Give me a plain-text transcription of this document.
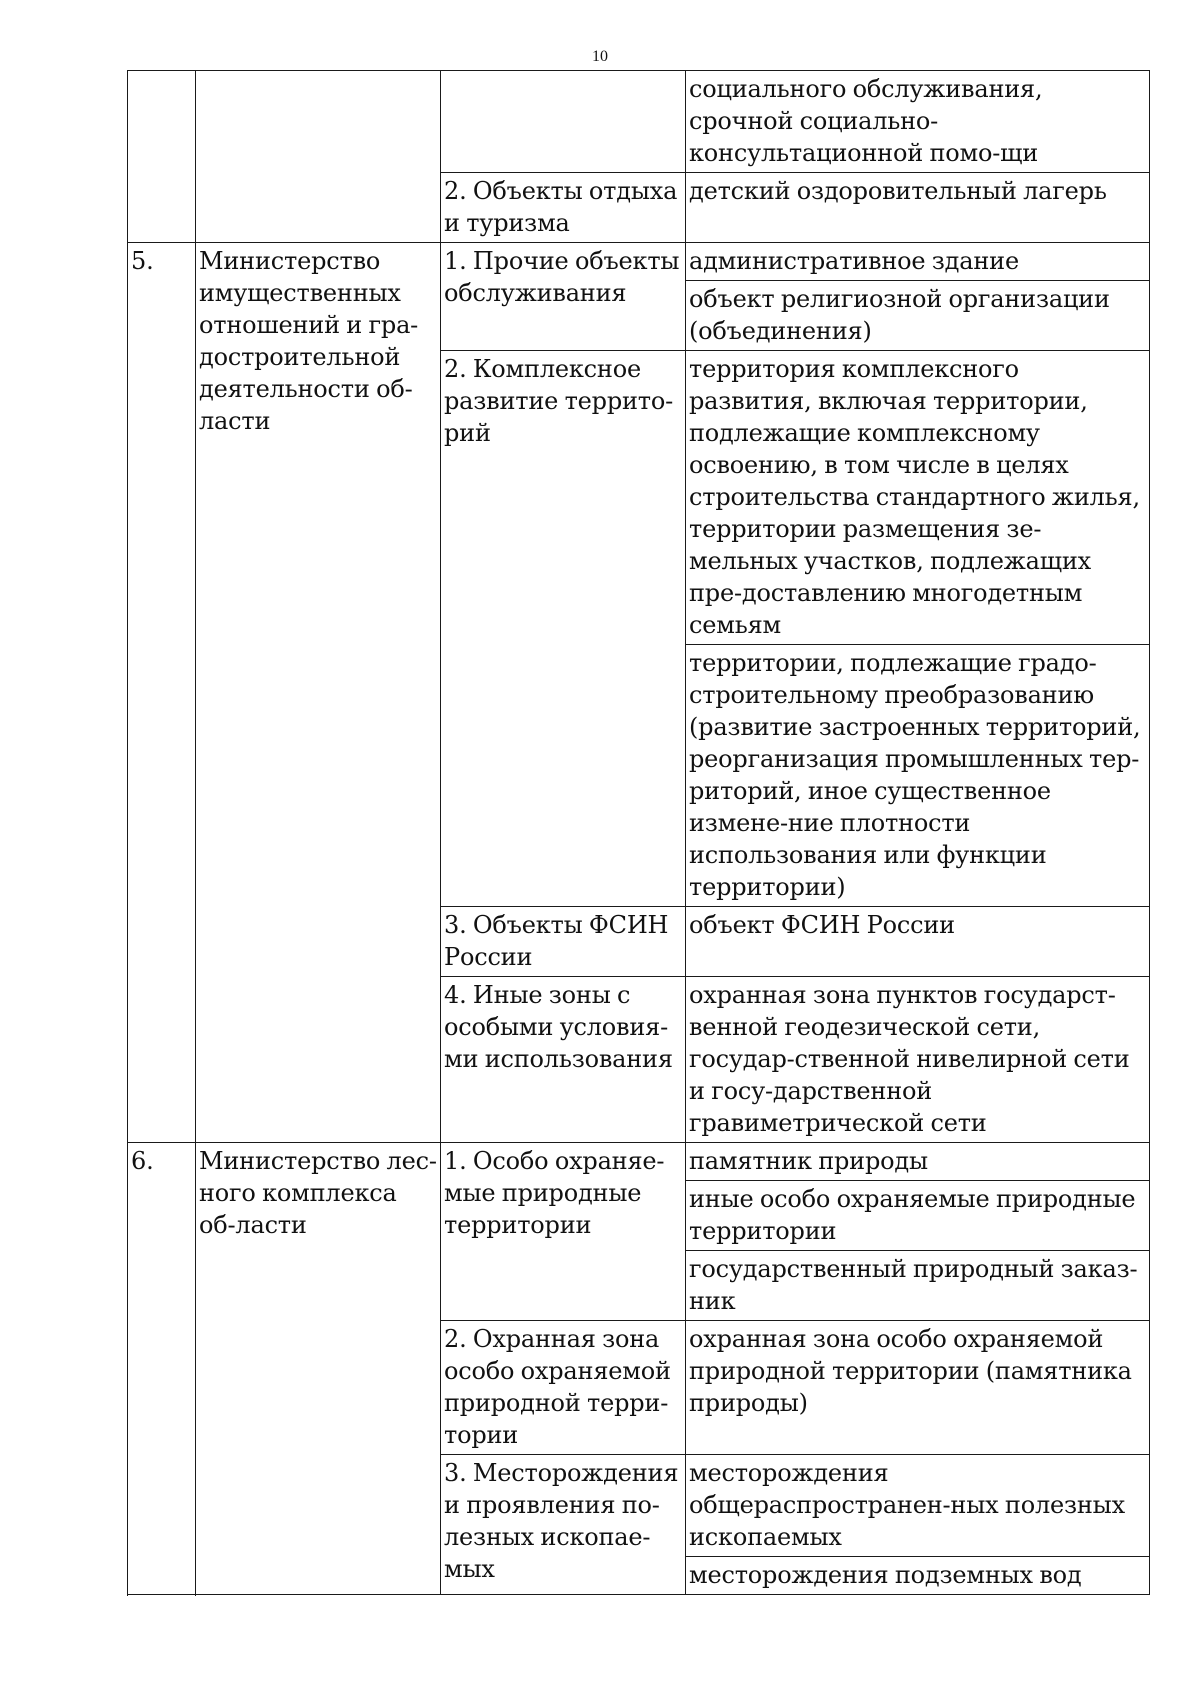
10
			социального обслуживания, срочной социально-консультационной помо-щи
		2. Объекты отдыха и туризма	детский оздоровительный лагерь
5.	Министерство имущественных отношений и гра-достроительной деятельности об-ласти	1. Прочие объекты обслуживания	административное здание
			объект религиозной организации (объединения)
		2. Комплексное развитие террито-рий	территория комплексного развития, включая территории, подлежащие комплексному освоению, в том числе в целях строительства стандартного жилья, территории размещения зе-мельных участков, подлежащих пре-доставлению многодетным семьям
			территории, подлежащие градо-строительному преобразованию (развитие застроенных территорий, реорганизация промышленных тер-риторий, иное существенное измене-ние плотности использования или функции территории)
		3. Объекты ФСИН России	объект ФСИН России
		4. Иные зоны с особыми условия-ми использования	охранная зона пунктов государст-венной геодезической сети, государ-ственной нивелирной сети и госу-дарственной гравиметрической сети

6.	Министерство лес-ного комплекса об-ласти	1. Особо охраняе-мые природные территории	памятник природы
			иные особо охраняемые природные территории
			государственный природный заказ-ник
		2. Охранная зона особо охраняемой природной терри-тории	охранная зона особо охраняемой природной территории (памятника природы)
		3. Месторождения и проявления по-лезных ископае-мых	месторождения общераспространен-ных полезных ископаемых
			месторождения подземных вод
